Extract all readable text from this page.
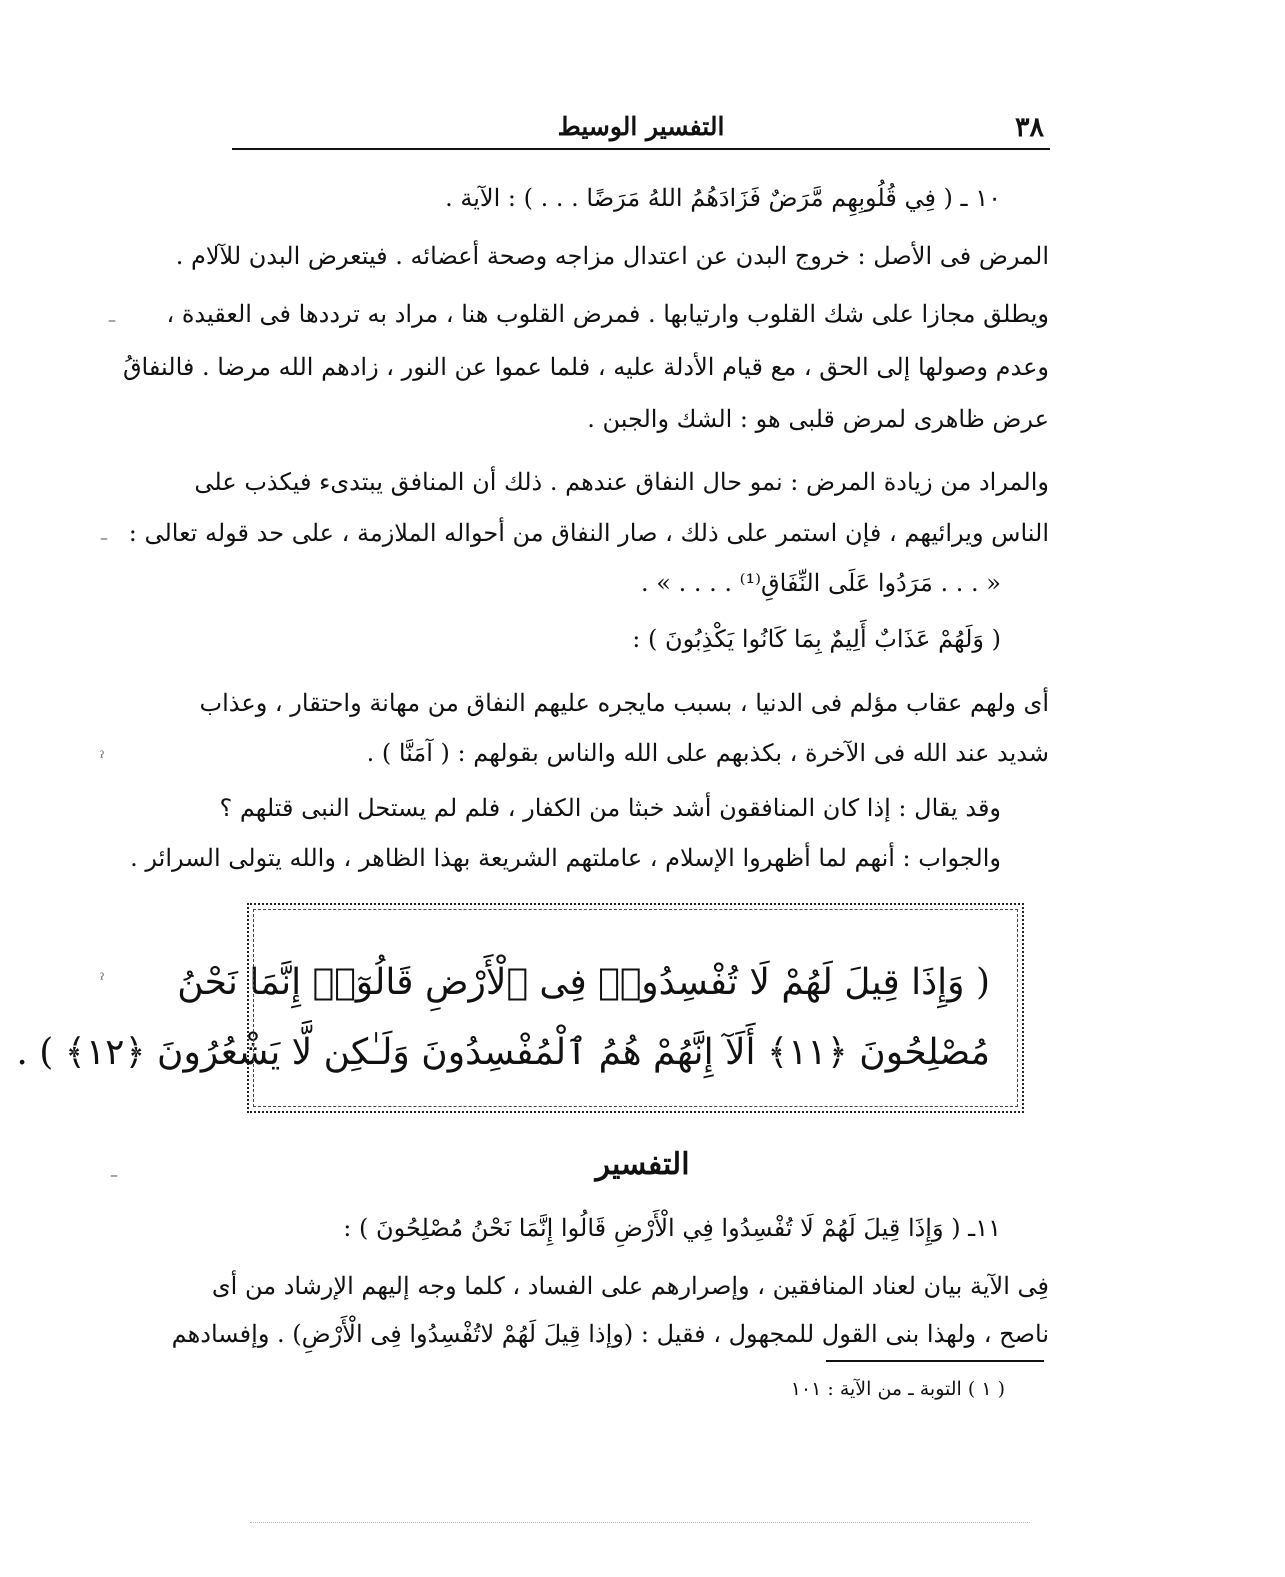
٣٨
التفسير الوسيط
١٠ ـ ( فِي قُلُوبِهِم مَّرَضٌ فَزَادَهُمُ اللهُ مَرَضًا . . . ) : الآية .
المرض فى الأصل : خروج البدن عن اعتدال مزاجه وصحة أعضائه . فيتعرض البدن للآلام .
ويطلق مجازا على شك القلوب وارتيابها . فمرض القلوب هنا ، مراد به ترددها فى العقيدة ،
وعدم وصولها إلى الحق ، مع قيام الأدلة عليه ، فلما عموا عن النور ، زادهم الله مرضا . فالنفاقُ
عرض ظاهرى لمرض قلبى هو : الشك والجبن .
والمراد من زيادة المرض : نمو حال النفاق عندهم . ذلك أن المنافق يبتدىء فيكذب على
الناس ويرائيهم ، فإن استمر على ذلك ، صار النفاق من أحواله الملازمة ، على حد قوله تعالى :
« . . . مَرَدُوا عَلَى النِّفَاقِ⁽¹⁾ . . . . » .
( وَلَهُمْ عَذَابٌ أَلِيمٌ بِمَا كَانُوا يَكْذِبُونَ ) :
أى ولهم عقاب مؤلم فى الدنيا ، بسبب مايجره عليهم النفاق من مهانة واحتقار ، وعذاب
شديد عند الله فى الآخرة ، بكذبهم على الله والناس بقولهم : ( آمَنَّا ) .
وقد يقال : إذا كان المنافقون أشد خبثا من الكفار ، فلم لم يستحل النبى قتلهم ؟
والجواب : أنهم لما أظهروا الإسلام ، عاملتهم الشريعة بهذا الظاهر ، والله يتولى السرائر .
( وَإِذَا قِيلَ لَهُمْ لَا تُفْسِدُوا۟ فِى ٱلْأَرْضِ قَالُوٓا۟ إِنَّمَا نَحْنُ
مُصْلِحُونَ ﴿١١﴾ أَلَآ إِنَّهُمْ هُمُ ٱلْمُفْسِدُونَ وَلَـٰكِن لَّا يَشْعُرُونَ ﴿١٢﴾ ) .
التفسير
١١ـ ( وَإِذَا قِيلَ لَهُمْ لَا تُفْسِدُوا فِي الْأَرْضِ قَالُوا إِنَّمَا نَحْنُ مُصْلِحُونَ ) :
فِى الآية بيان لعناد المنافقين ، وإصرارهم على الفساد ، كلما وجه إليهم الإرشاد من أى
ناصح ، ولهذا بنى القول للمجهول ، فقيل : (وإذا قِيلَ لَهُمْ لاتُفْسِدُوا فِى الْأَرْضِ) . وإفسادهم
( ١ ) التوبة ـ من الآية : ١٠١
–
–
ˀ
ˀ
–
